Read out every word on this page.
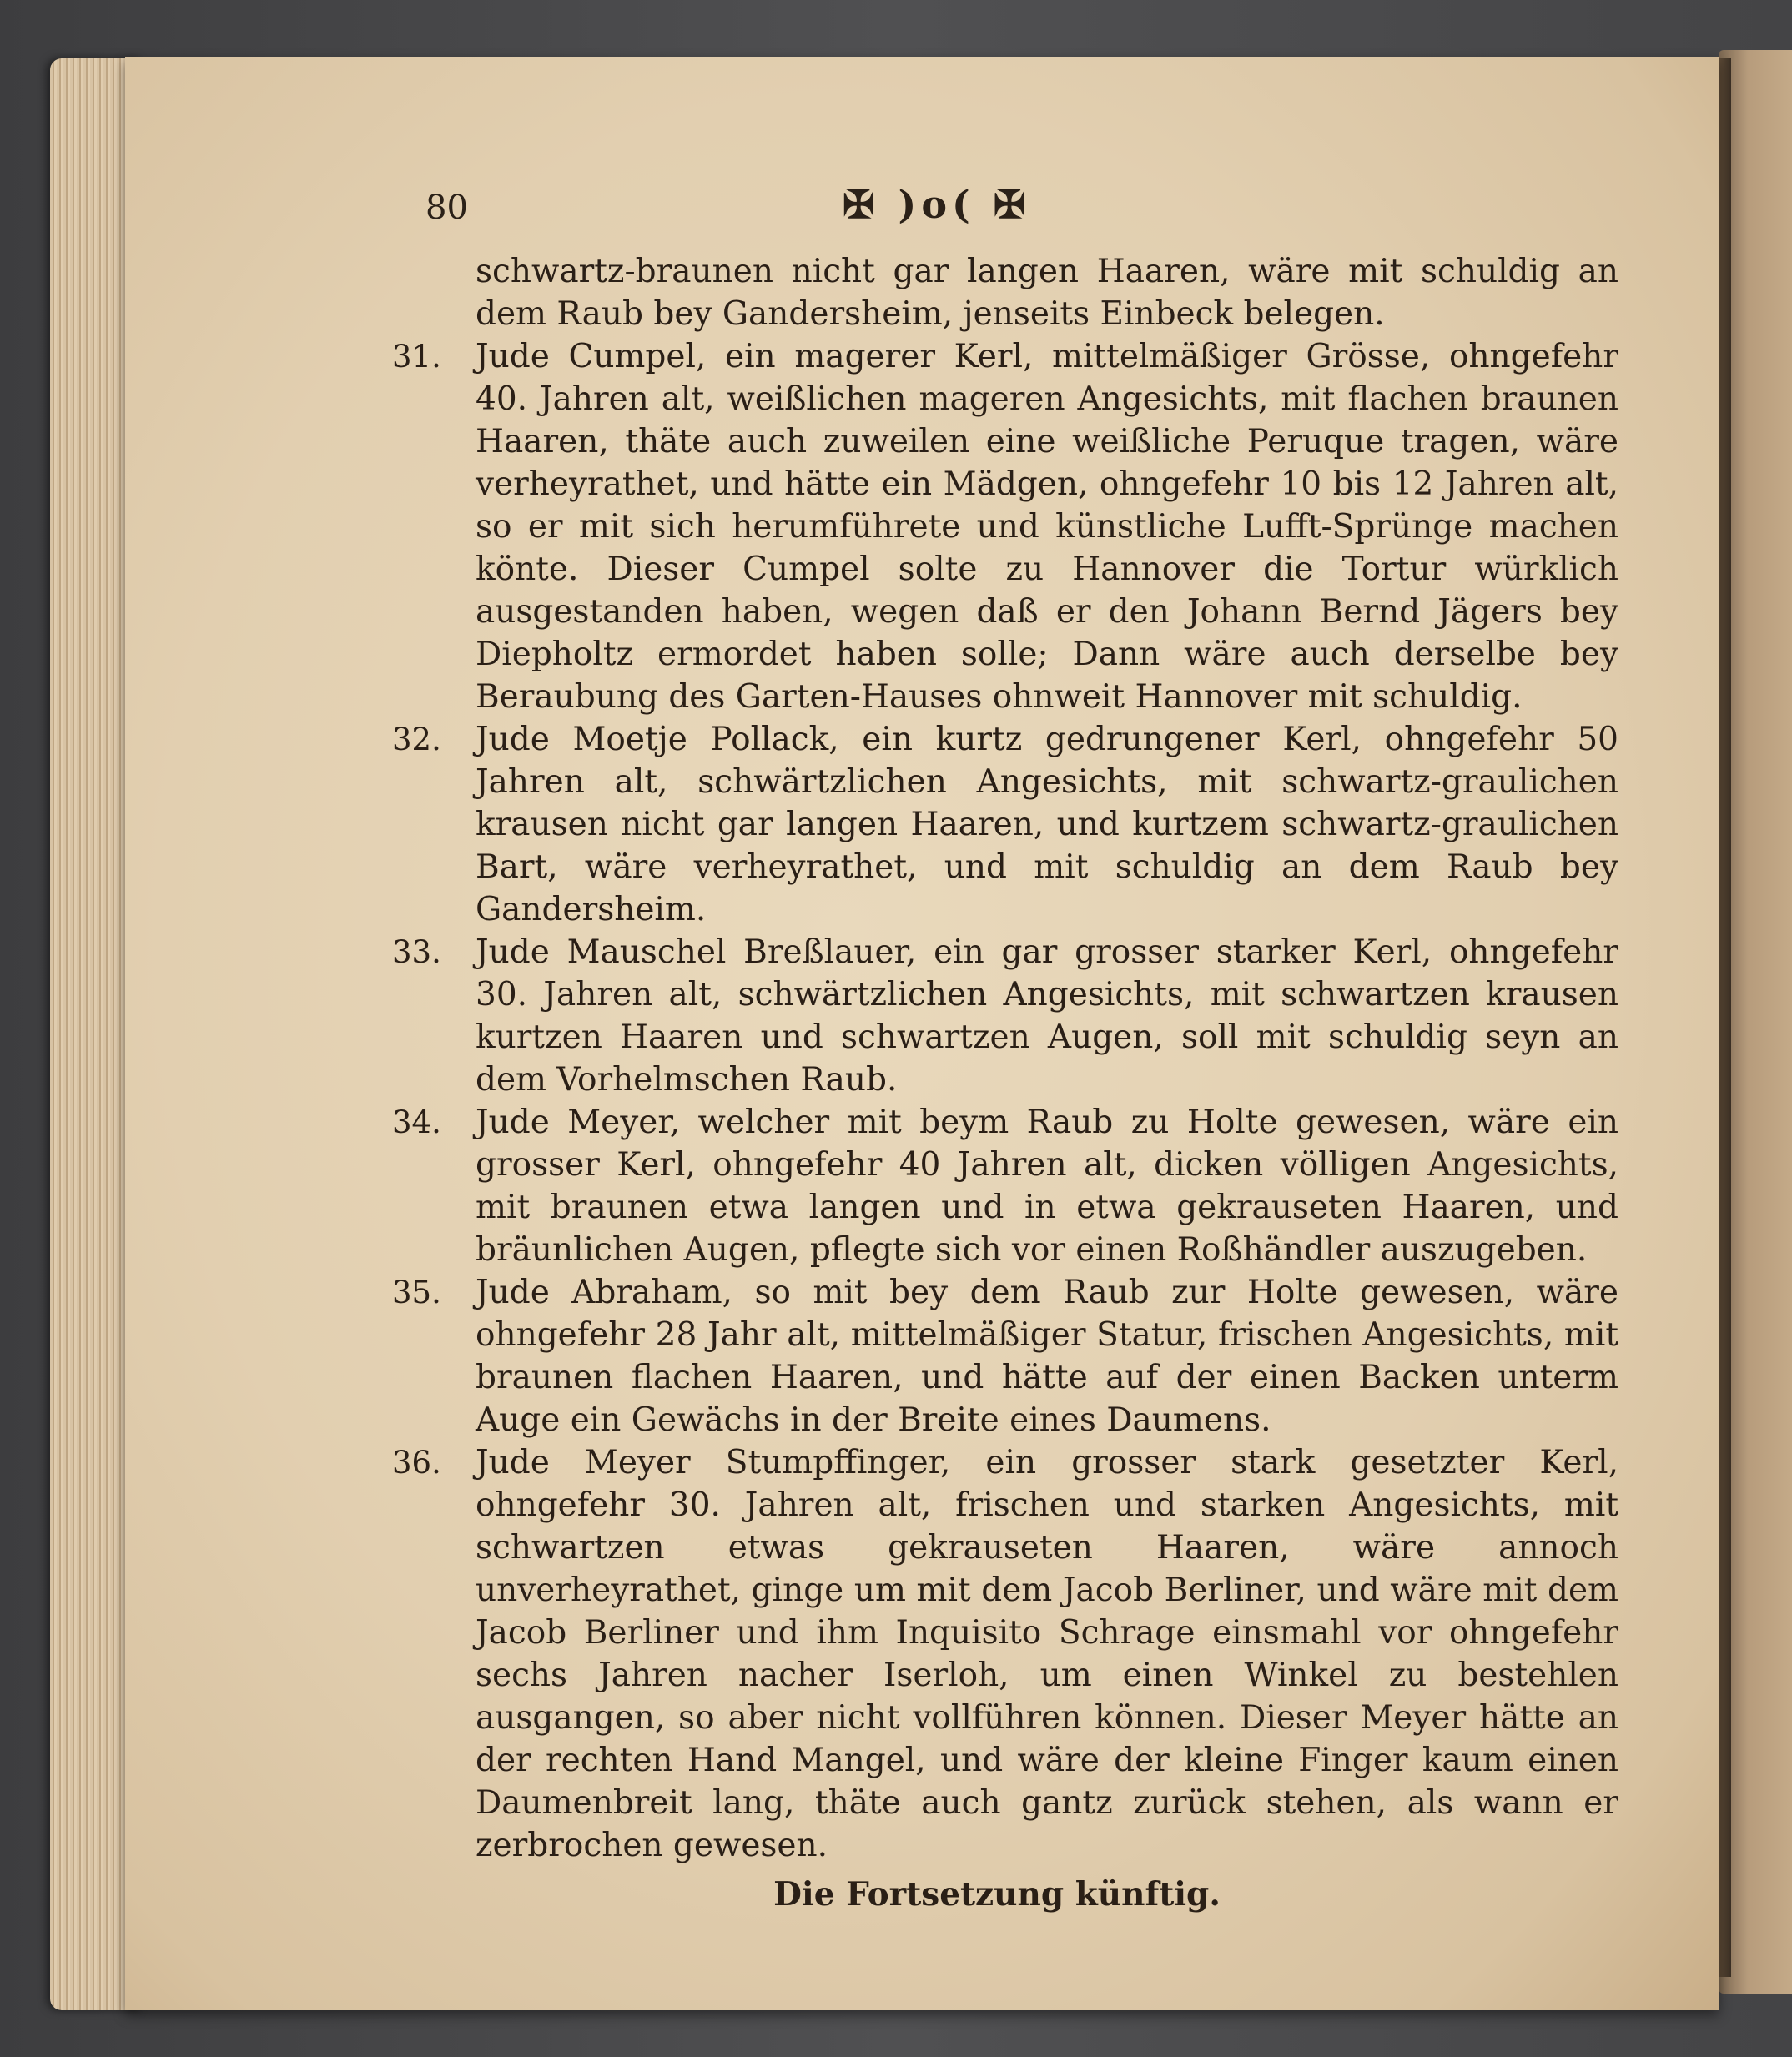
80	✠ )o( ✠

schwartz-braunen nicht gar langen Haaren, wäre mit schuldig an dem Raub bey Gandersheim, jenseits Einbeck belegen.

31.	Jude Cumpel, ein magerer Kerl, mittelmäßiger Grösse, ohngefehr 40. Jahren alt, weißlichen mageren Angesichts, mit flachen braunen Haaren, thäte auch zuweilen eine weißliche Peruque tragen, wäre verheyrathet, und hätte ein Mädgen, ohngefehr 10 bis 12 Jahren alt, so er mit sich herumführete und künstliche Lufft-Sprünge machen könte. Dieser Cumpel solte zu Hannover die Tortur würklich ausgestanden haben, wegen daß er den Johann Bernd Jägers bey Diepholtz ermordet haben solle; Dann wäre auch derselbe bey Beraubung des Garten-Hauses ohnweit Hannover mit schuldig.

32.	Jude Moetje Pollack, ein kurtz gedrungener Kerl, ohngefehr 50 Jahren alt, schwärtzlichen Angesichts, mit schwartz-graulichen krausen nicht gar langen Haaren, und kurtzem schwartz-graulichen Bart, wäre verheyrathet, und mit schuldig an dem Raub bey Gandersheim.

33.	Jude Mauschel Breßlauer, ein gar grosser starker Kerl, ohngefehr 30. Jahren alt, schwärtzlichen Angesichts, mit schwartzen krausen kurtzen Haaren und schwartzen Augen, soll mit schuldig seyn an dem Vorhelmschen Raub.

34.	Jude Meyer, welcher mit beym Raub zu Holte gewesen, wäre ein grosser Kerl, ohngefehr 40 Jahren alt, dicken völligen Angesichts, mit braunen etwa langen und in etwa gekrauseten Haaren, und bräunlichen Augen, pflegte sich vor einen Roßhändler auszugeben.

35.	Jude Abraham, so mit bey dem Raub zur Holte gewesen, wäre ohngefehr 28 Jahr alt, mittelmäßiger Statur, frischen Angesichts, mit braunen flachen Haaren, und hätte auf der einen Backen unterm Auge ein Gewächs in der Breite eines Daumens.

36.	Jude Meyer Stumpffinger, ein grosser stark gesetzter Kerl, ohngefehr 30. Jahren alt, frischen und starken Angesichts, mit schwartzen etwas gekrauseten Haaren, wäre annoch unverheyrathet, ginge um mit dem Jacob Berliner, und wäre mit dem Jacob Berliner und ihm Inquisito Schrage einsmahl vor ohngefehr sechs Jahren nacher Iserloh, um einen Winkel zu bestehlen ausgangen, so aber nicht vollführen können. Dieser Meyer hätte an der rechten Hand Mangel, und wäre der kleine Finger kaum einen Daumenbreit lang, thäte auch gantz zurück stehen, als wann er zerbrochen gewesen.

Die Fortsetzung künftig.
